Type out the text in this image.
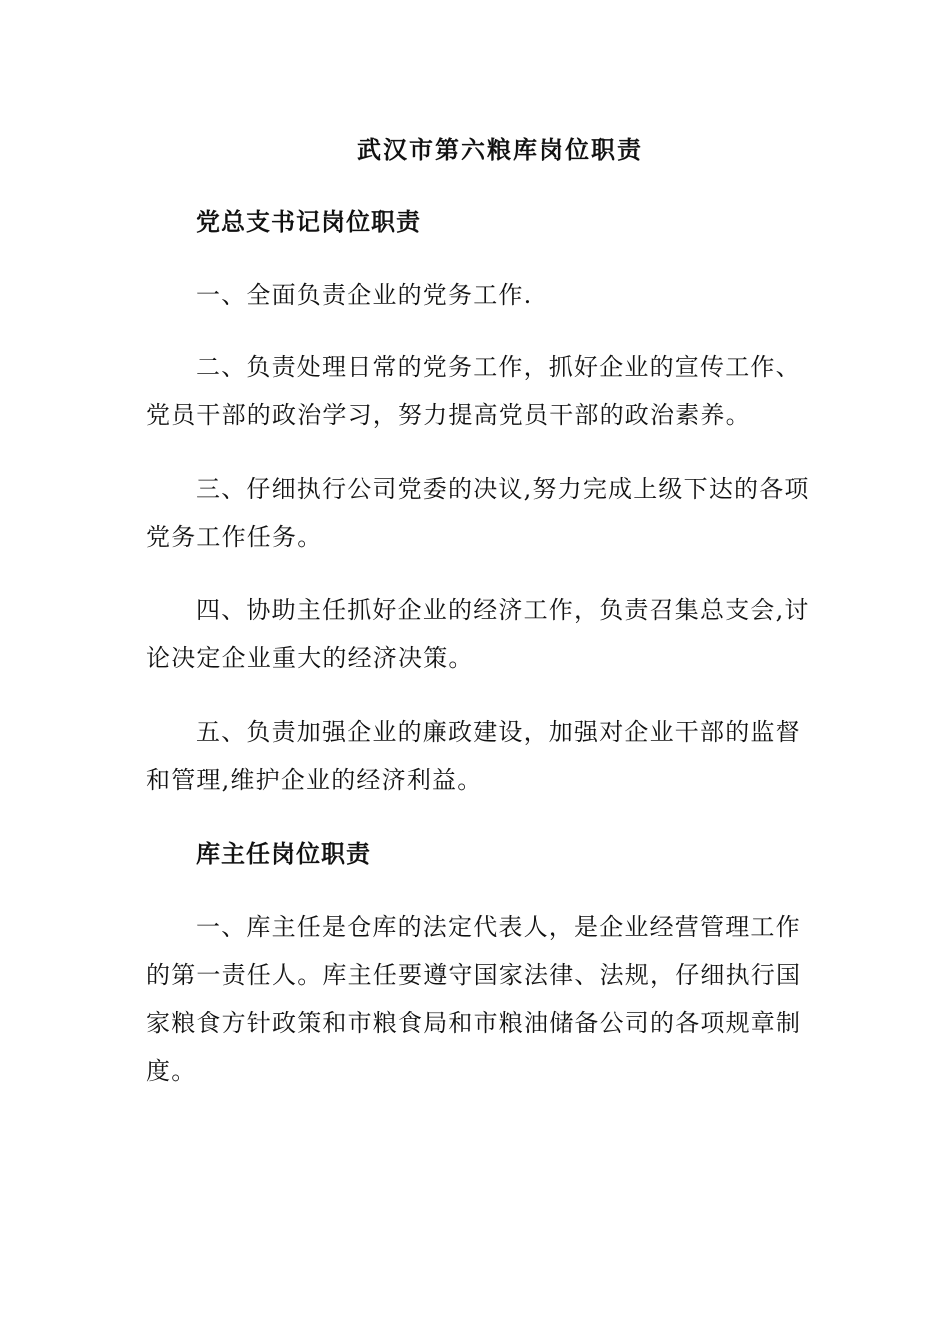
武汉市第六粮库岗位职责
党总支书记岗位职责

一、全面负责企业的党务工作.

二、负责处理日常的党务工作，抓好企业的宣传工作、党员干部的政治学习，努力提高党员干部的政治素养。

三、仔细执行公司党委的决议,努力完成上级下达的各项党务工作任务。

四、协助主任抓好企业的经济工作，负责召集总支会,讨论决定企业重大的经济决策。

五、负责加强企业的廉政建设，加强对企业干部的监督和管理,维护企业的经济利益。

库主任岗位职责

一、库主任是仓库的法定代表人，是企业经营管理工作的第一责任人。库主任要遵守国家法律、法规，仔细执行国家粮食方针政策和市粮食局和市粮油储备公司的各项规章制度。
